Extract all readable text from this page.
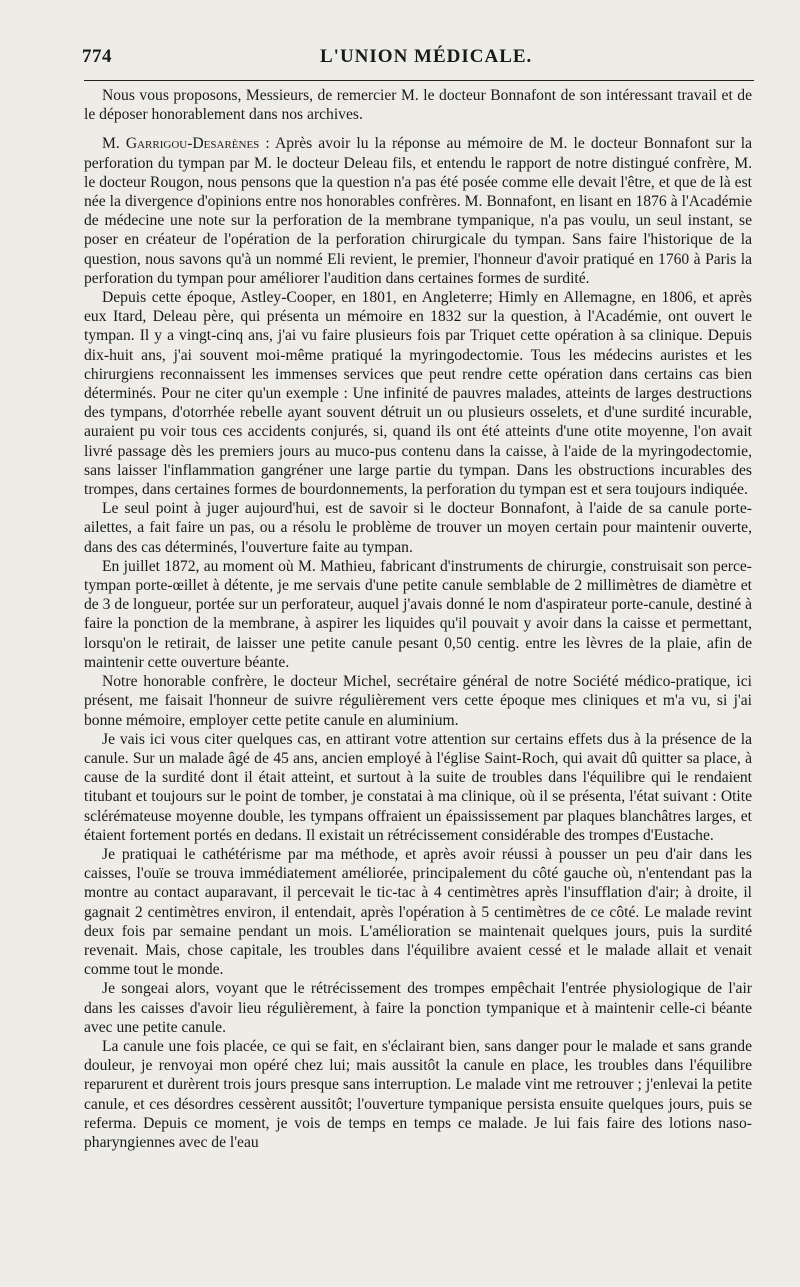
774	L'UNION MÉDICALE.

Nous vous proposons, Messieurs, de remercier M. le docteur Bonnafont de son intéressant travail et de le déposer honorablement dans nos archives.

M. Garrigou-Desarènes : Après avoir lu la réponse au mémoire de M. le docteur Bonnafont sur la perforation du tympan par M. le docteur Deleau fils, et entendu le rapport de notre distingué confrère, M. le docteur Rougon, nous pensons que la question n'a pas été posée comme elle devait l'être, et que de là est née la divergence d'opinions entre nos honorables confrères. M. Bonnafont, en lisant en 1876 à l'Académie de médecine une note sur la perforation de la membrane tympanique, n'a pas voulu, un seul instant, se poser en créateur de l'opération de la perforation chirurgicale du tympan. Sans faire l'historique de la question, nous savons qu'à un nommé Eli revient, le premier, l'honneur d'avoir pratiqué en 1760 à Paris la perforation du tympan pour améliorer l'audition dans certaines formes de surdité.

Depuis cette époque, Astley-Cooper, en 1801, en Angleterre; Himly en Allemagne, en 1806, et après eux Itard, Deleau père, qui présenta un mémoire en 1832 sur la question, à l'Académie, ont ouvert le tympan. Il y a vingt-cinq ans, j'ai vu faire plusieurs fois par Triquet cette opération à sa clinique. Depuis dix-huit ans, j'ai souvent moi-même pratiqué la myringodectomie. Tous les médecins auristes et les chirurgiens reconnaissent les immenses services que peut rendre cette opération dans certains cas bien déterminés. Pour ne citer qu'un exemple : Une infinité de pauvres malades, atteints de larges destructions des tympans, d'otorrhée rebelle ayant souvent détruit un ou plusieurs osselets, et d'une surdité incurable, auraient pu voir tous ces accidents conjurés, si, quand ils ont été atteints d'une otite moyenne, l'on avait livré passage dès les premiers jours au muco-pus contenu dans la caisse, à l'aide de la myringodectomie, sans laisser l'inflammation gangréner une large partie du tympan. Dans les obstructions incurables des trompes, dans certaines formes de bourdonnements, la perforation du tympan est et sera toujours indiquée.

Le seul point à juger aujourd'hui, est de savoir si le docteur Bonnafont, à l'aide de sa canule porte-ailettes, a fait faire un pas, ou a résolu le problème de trouver un moyen certain pour maintenir ouverte, dans des cas déterminés, l'ouverture faite au tympan.

En juillet 1872, au moment où M. Mathieu, fabricant d'instruments de chirurgie, construisait son perce-tympan porte-œillet à détente, je me servais d'une petite canule semblable de 2 millimètres de diamètre et de 3 de longueur, portée sur un perforateur, auquel j'avais donné le nom d'aspirateur porte-canule, destiné à faire la ponction de la membrane, à aspirer les liquides qu'il pouvait y avoir dans la caisse et permettant, lorsqu'on le retirait, de laisser une petite canule pesant 0,50 centig. entre les lèvres de la plaie, afin de maintenir cette ouverture béante.

Notre honorable confrère, le docteur Michel, secrétaire général de notre Société médico-pratique, ici présent, me faisait l'honneur de suivre régulièrement vers cette époque mes cliniques et m'a vu, si j'ai bonne mémoire, employer cette petite canule en aluminium.

Je vais ici vous citer quelques cas, en attirant votre attention sur certains effets dus à la présence de la canule. Sur un malade âgé de 45 ans, ancien employé à l'église Saint-Roch, qui avait dû quitter sa place, à cause de la surdité dont il était atteint, et surtout à la suite de troubles dans l'équilibre qui le rendaient titubant et toujours sur le point de tomber, je constatai à ma clinique, où il se présenta, l'état suivant : Otite sclérémateuse moyenne double, les tympans offraient un épaississement par plaques blanchâtres larges, et étaient fortement portés en dedans. Il existait un rétrécissement considérable des trompes d'Eustache.

Je pratiquai le cathétérisme par ma méthode, et après avoir réussi à pousser un peu d'air dans les caisses, l'ouïe se trouva immédiatement améliorée, principalement du côté gauche où, n'entendant pas la montre au contact auparavant, il percevait le tic-tac à 4 centimètres après l'insufflation d'air; à droite, il gagnait 2 centimètres environ, il entendait, après l'opération à 5 centimètres de ce côté. Le malade revint deux fois par semaine pendant un mois. L'amélioration se maintenait quelques jours, puis la surdité revenait. Mais, chose capitale, les troubles dans l'équilibre avaient cessé et le malade allait et venait comme tout le monde.

Je songeai alors, voyant que le rétrécissement des trompes empêchait l'entrée physiologique de l'air dans les caisses d'avoir lieu régulièrement, à faire la ponction tympanique et à maintenir celle-ci béante avec une petite canule.

La canule une fois placée, ce qui se fait, en s'éclairant bien, sans danger pour le malade et sans grande douleur, je renvoyai mon opéré chez lui; mais aussitôt la canule en place, les troubles dans l'équilibre reparurent et durèrent trois jours presque sans interruption. Le malade vint me retrouver ; j'enlevai la petite canule, et ces désordres cessèrent aussitôt; l'ouverture tympanique persista ensuite quelques jours, puis se referma. Depuis ce moment, je vois de temps en temps ce malade. Je lui fais faire des lotions naso-pharyngiennes avec de l'eau
